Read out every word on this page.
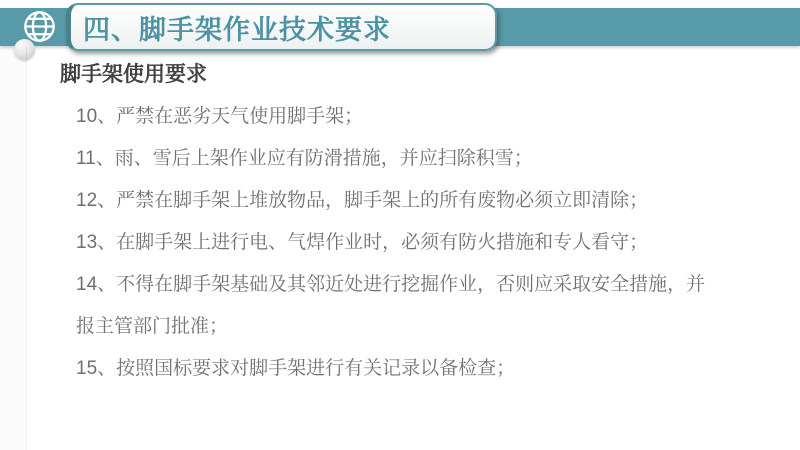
四、脚手架作业技术要求
脚手架使用要求

10、严禁在恶劣天气使用脚手架；

11、雨、雪后上架作业应有防滑措施，并应扫除积雪；

12、严禁在脚手架上堆放物品，脚手架上的所有废物必须立即清除；

13、在脚手架上进行电、气焊作业时，必须有防火措施和专人看守；

14、不得在脚手架基础及其邻近处进行挖掘作业，否则应采取安全措施，并报主管部门批准；

15、按照国标要求对脚手架进行有关记录以备检查；
